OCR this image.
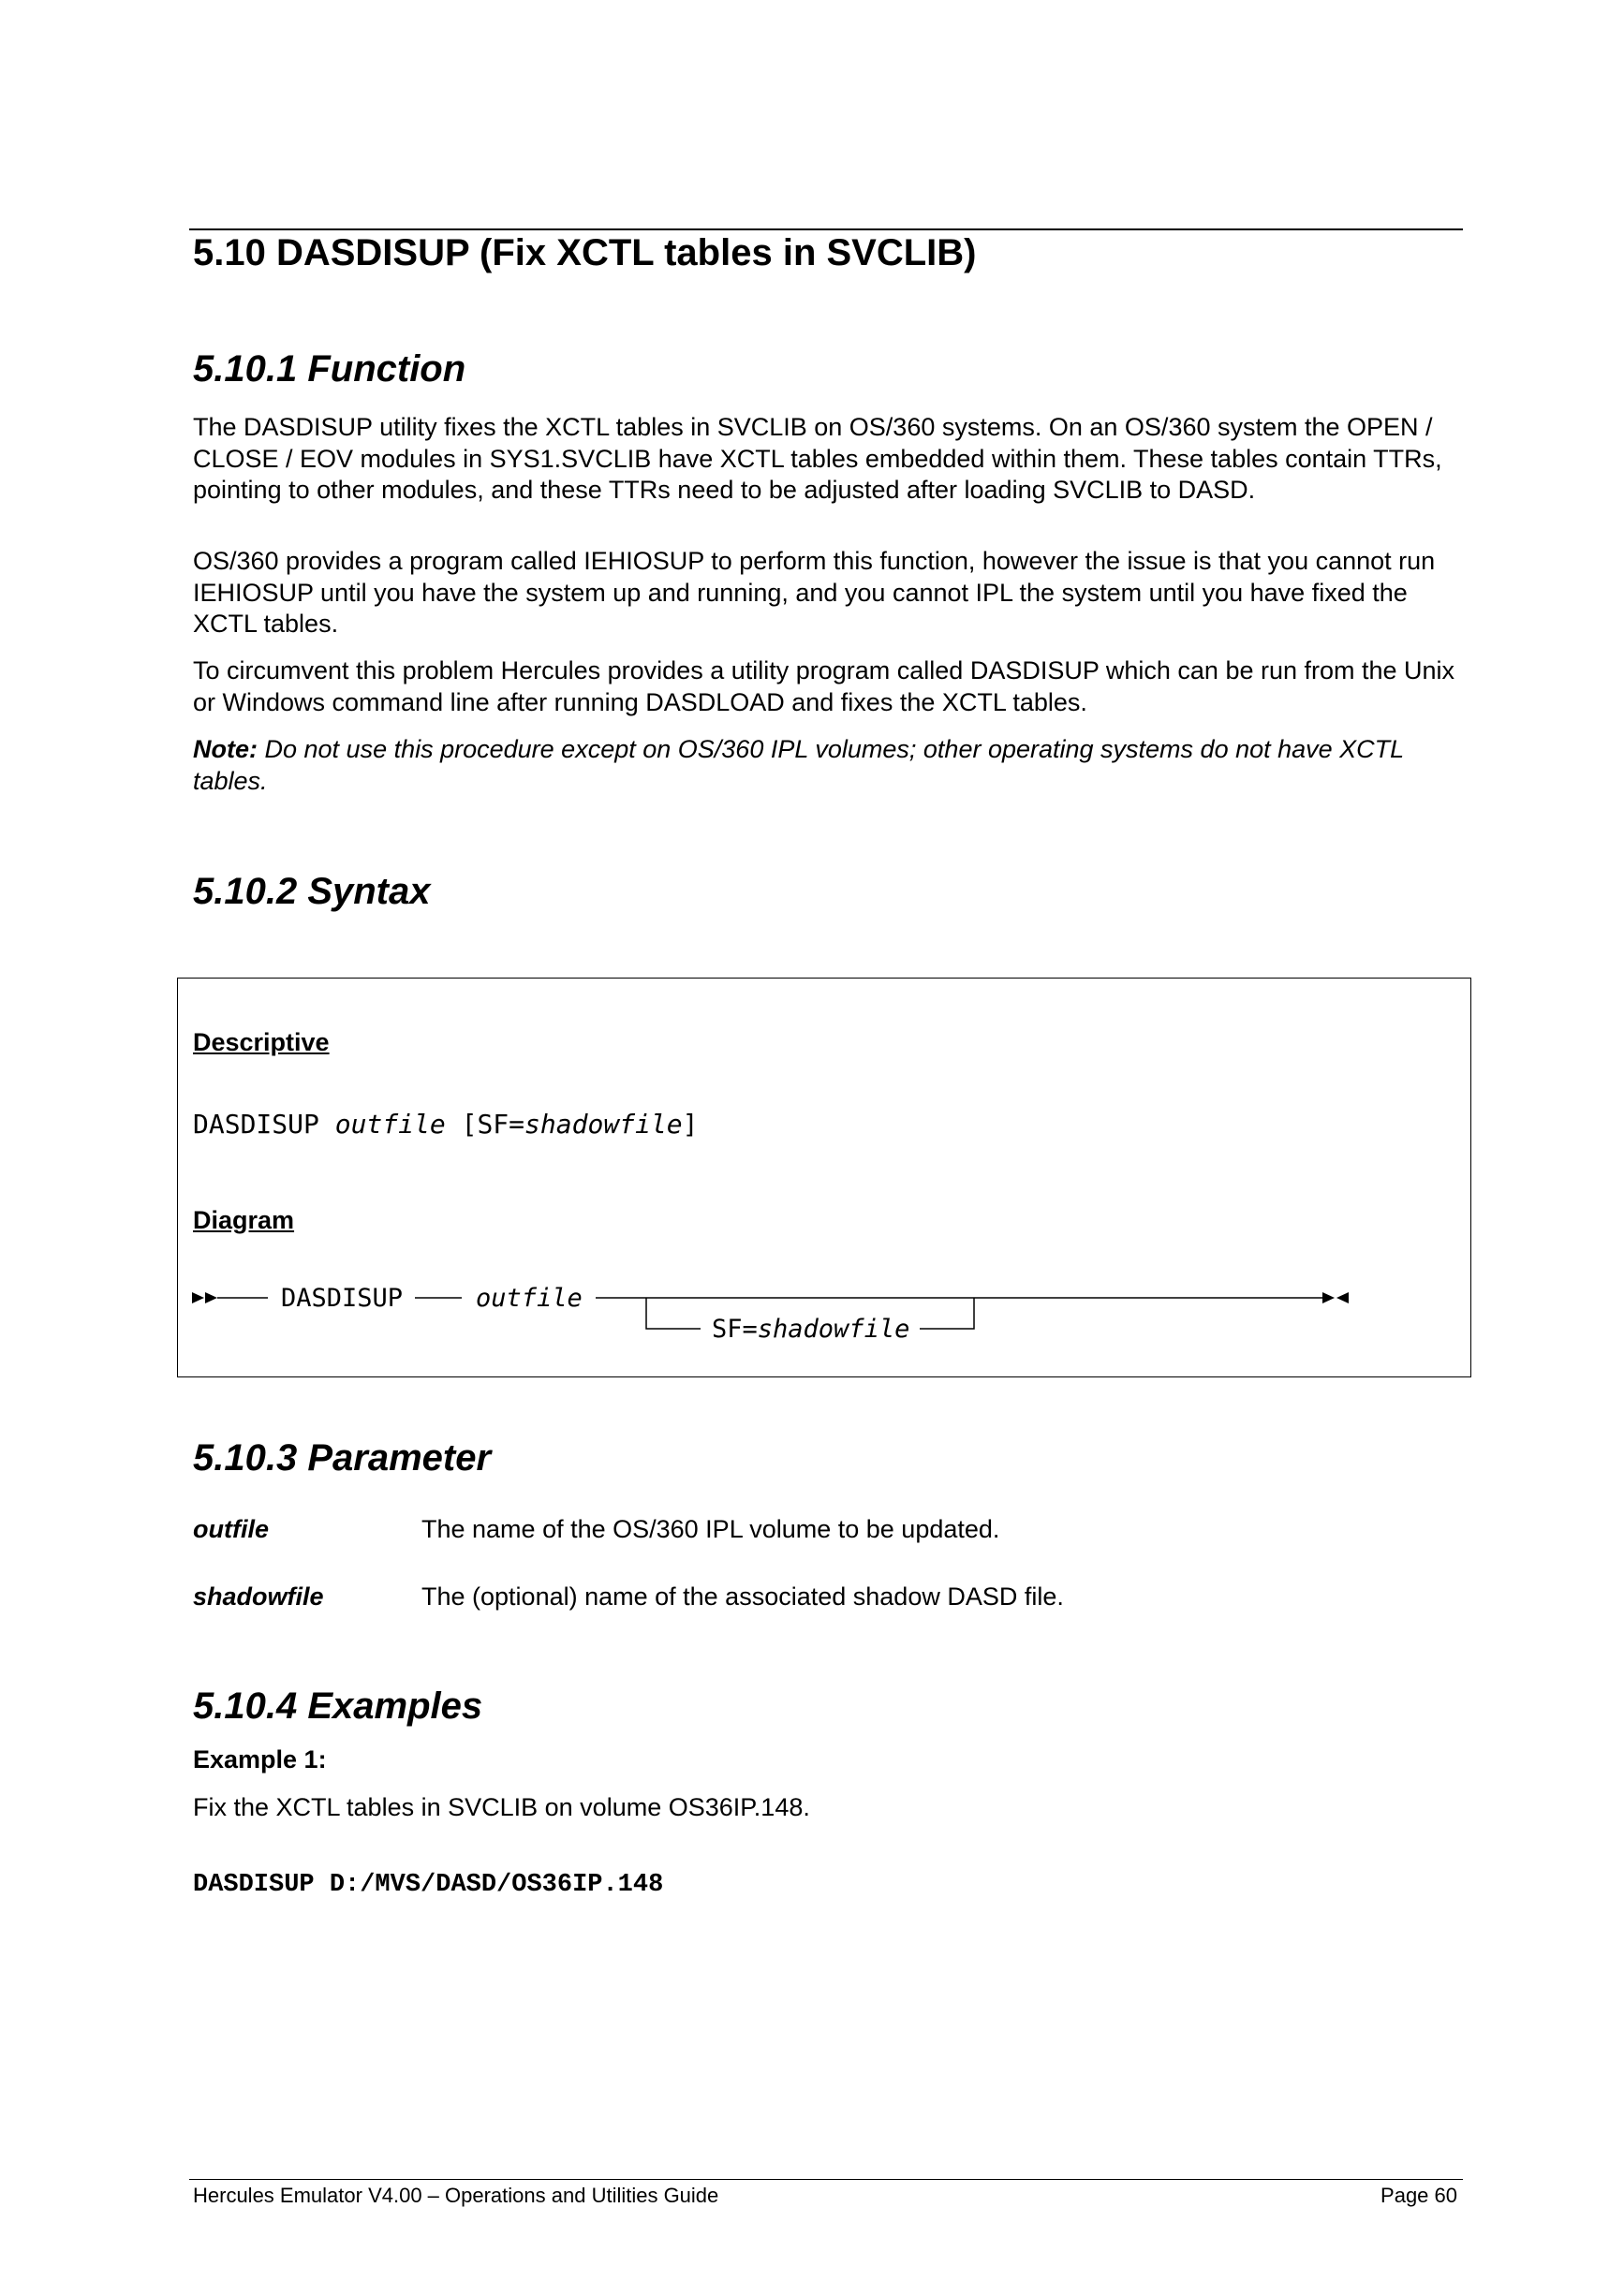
5.10 DASDISUP (Fix XCTL tables in SVCLIB)
5.10.1 Function
The DASDISUP utility fixes the XCTL tables in SVCLIB on OS/360 systems. On an OS/360 system the OPEN / CLOSE / EOV modules in SYS1.SVCLIB have XCTL tables embedded within them. These tables contain TTRs, pointing to other modules, and these TTRs need to be adjusted after loading SVCLIB to DASD.
OS/360 provides a program called IEHIOSUP to perform this function, however the issue is that you cannot run IEHIOSUP until you have the system up and running, and you cannot IPL the system until you have fixed the XCTL tables.
To circumvent this problem Hercules provides a utility program called DASDISUP which can be run from the Unix or Windows command line after running DASDLOAD and fixes the XCTL tables.
Note: Do not use this procedure except on OS/360 IPL volumes; other operating systems do not have XCTL tables.
5.10.2 Syntax
Descriptive
DASDISUP outfile [SF=shadowfile]
Diagram
DASDISUP	outfile
SF=shadowfile
5.10.3 Parameter
outfile	The name of the OS/360 IPL volume to be updated.
shadowfile	The (optional) name of the associated shadow DASD file.
5.10.4 Examples
Example 1:
Fix the XCTL tables in SVCLIB on volume OS36IP.148.
DASDISUP D:/MVS/DASD/OS36IP.148
Hercules Emulator V4.00 – Operations and Utilities Guide	Page 60
